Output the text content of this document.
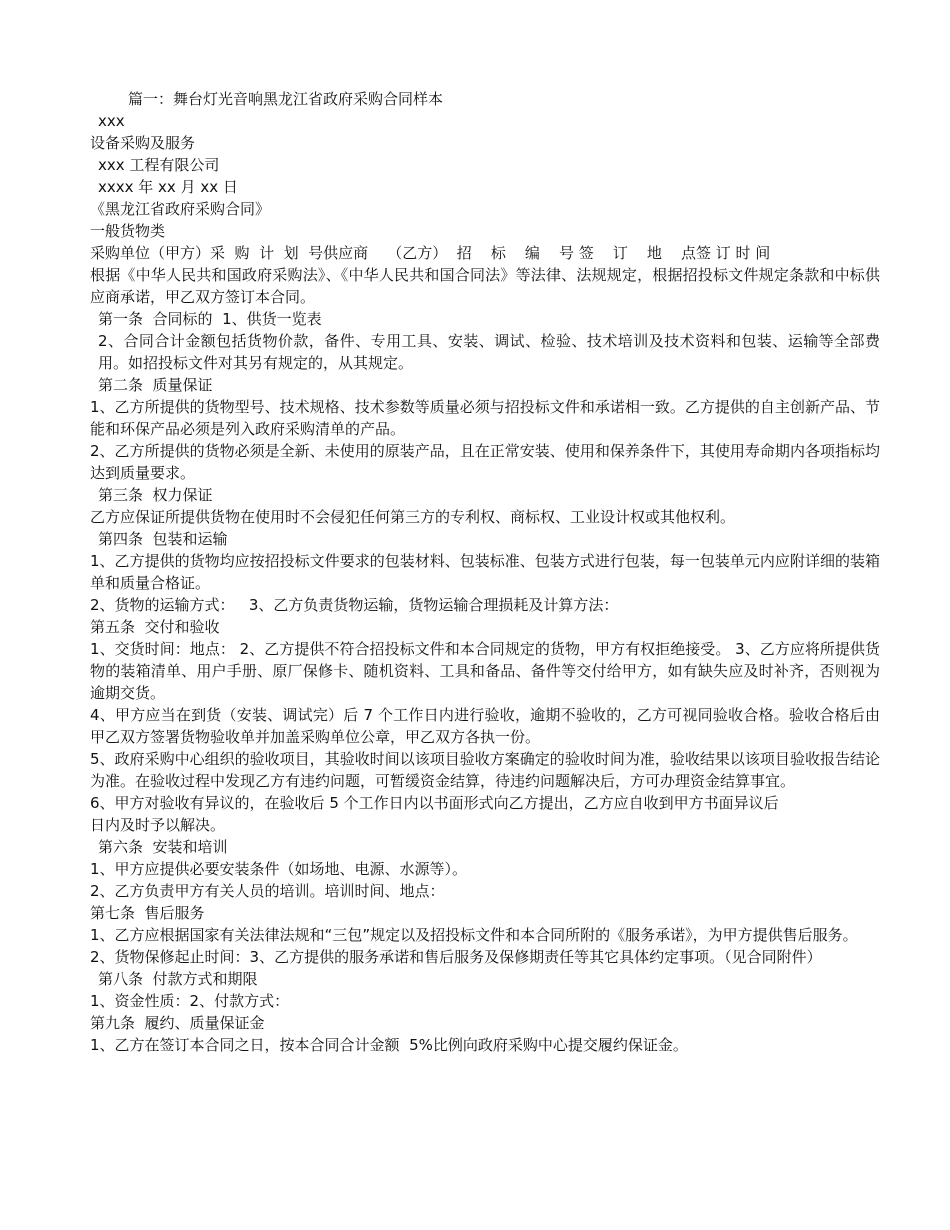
篇一：舞台灯光音响黑龙江省政府采购合同样本
xxx
设备采购及服务
xxx 工程有限公司
xxxx 年 xx 月 xx 日
《黑龙江省政府采购合同》
一般货物类
采购单位（甲方）采  购  计  划  号供应商    （乙方）  招    标    编    号 签    订    地    点签 订 时 间
根据《中华人民共和国政府采购法》、《中华人民共和国合同法》等法律、法规规定，根据招投标文件规定条款和中标供应商承诺，甲乙双方签订本合同。
第一条  合同标的  1、供货一览表
2、合同合计金额包括货物价款，备件、专用工具、安装、调试、检验、技术培训及技术资料和包装、运输等全部费用。如招投标文件对其另有规定的，从其规定。
第二条  质量保证
1、乙方所提供的货物型号、技术规格、技术参数等质量必须与招投标文件和承诺相一致。乙方提供的自主创新产品、节能和环保产品必须是列入政府采购清单的产品。
2、乙方所提供的货物必须是全新、未使用的原装产品，且在正常安装、使用和保养条件下，其使用寿命期内各项指标均达到质量要求。
第三条  权力保证
乙方应保证所提供货物在使用时不会侵犯任何第三方的专利权、商标权、工业设计权或其他权利。
第四条  包装和运输
1、乙方提供的货物均应按招投标文件要求的包装材料、包装标准、包装方式进行包装，每一包装单元内应附详细的装箱单和质量合格证。
2、货物的运输方式：   3、乙方负责货物运输，货物运输合理损耗及计算方法：
第五条  交付和验收
1、交货时间：地点： 2、乙方提供不符合招投标文件和本合同规定的货物，甲方有权拒绝接受。 3、乙方应将所提供货物的装箱清单、用户手册、原厂保修卡、随机资料、工具和备品、备件等交付给甲方，如有缺失应及时补齐，否则视为逾期交货。
4、甲方应当在到货（安装、调试完）后 7 个工作日内进行验收，逾期不验收的，乙方可视同验收合格。验收合格后由甲乙双方签署货物验收单并加盖采购单位公章，甲乙双方各执一份。
5、政府采购中心组织的验收项目，其验收时间以该项目验收方案确定的验收时间为准，验收结果以该项目验收报告结论为准。在验收过程中发现乙方有违约问题，可暂缓资金结算，待违约问题解决后，方可办理资金结算事宜。
6、甲方对验收有异议的，在验收后 5 个工作日内以书面形式向乙方提出，乙方应自收到甲方书面异议后
日内及时予以解决。
第六条  安装和培训
1、甲方应提供必要安装条件（如场地、电源、水源等）。
2、乙方负责甲方有关人员的培训。培训时间、地点：
第七条  售后服务
1、乙方应根据国家有关法律法规和“三包”规定以及招投标文件和本合同所附的《服务承诺》，为甲方提供售后服务。
2、货物保修起止时间：3、乙方提供的服务承诺和售后服务及保修期责任等其它具体约定事项。（见合同附件）
第八条  付款方式和期限
1、资金性质：2、付款方式：
第九条  履约、质量保证金
1、乙方在签订本合同之日，按本合同合计金额  5%比例向政府采购中心提交履约保证金。
